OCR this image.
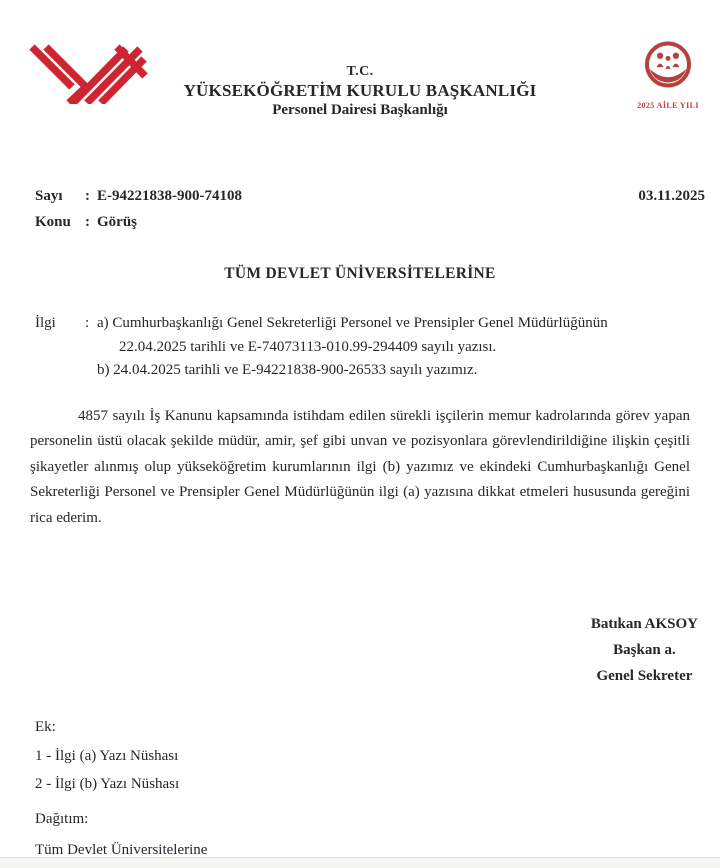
T.C.
YÜKSEKÖĞRETİM KURULU BAŞKANLIĞI
Personel Dairesi Başkanlığı	2025 AİLE YILI
Sayı	: E-94221838-900-74108	03.11.2025
Konu : Görüş
TÜM DEVLET ÜNİVERSİTELERİNE
İlgi	: a) Cumhurbaşkanlığı Genel Sekreterliği Personel ve Prensipler Genel Müdürlüğünün
22.04.2025 tarihli ve E-74073113-010.99-294409 sayılı yazısı.
b) 24.04.2025 tarihli ve E-94221838-900-26533 sayılı yazımız.

4857 sayılı İş Kanunu kapsamında istihdam edilen sürekli işçilerin memur kadrolarında görev yapan personelin üstü olacak şekilde müdür, amir, şef gibi unvan ve pozisyonlara görevlendirildiğine ilişkin çeşitli şikayetler alınmış olup yükseköğretim kurumlarının ilgi (b) yazımız ve ekindeki Cumhurbaşkanlığı Genel Sekreterliği Personel ve Prensipler Genel Müdürlüğünün ilgi (a) yazısına dikkat etmeleri hususunda gereğini rica ederim.

Batıkan AKSOY
Başkan a.
Genel Sekreter
Ek:
1 - İlgi (a) Yazı Nüshası
2 - İlgi (b) Yazı Nüshası
Dağıtım:
Tüm Devlet Üniversitelerine
